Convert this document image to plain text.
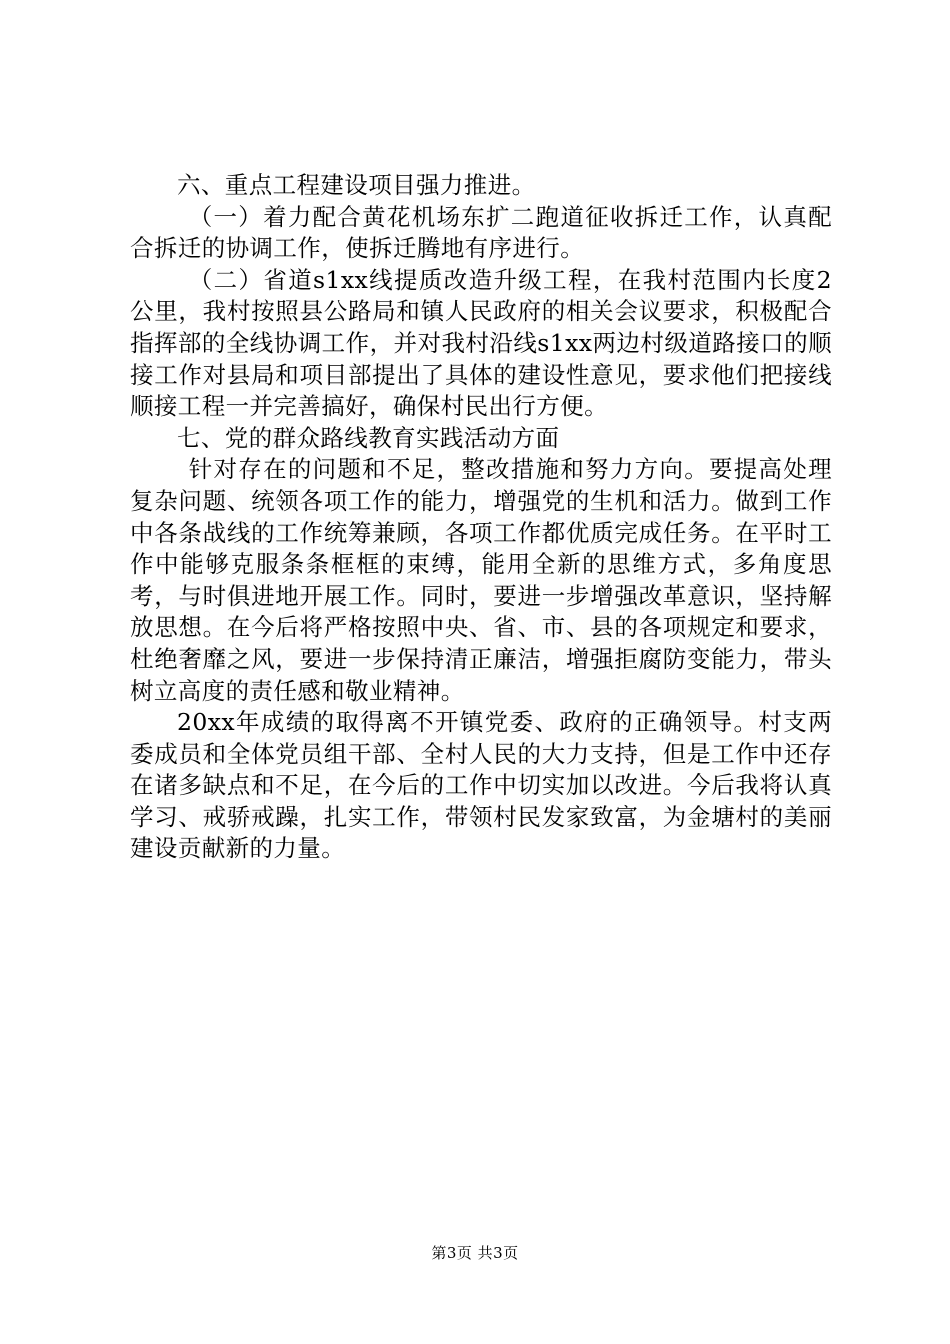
六、重点工程建设项目强力推进。

（一）着力配合黄花机场东扩二跑道征收拆迁工作，认真配合拆迁的协调工作，使拆迁腾地有序进行。

（二）省道s1xx线提质改造升级工程，在我村范围内长度2公里，我村按照县公路局和镇人民政府的相关会议要求，积极配合指挥部的全线协调工作，并对我村沿线s1xx两边村级道路接口的顺接工作对县局和项目部提出了具体的建设性意见，要求他们把接线顺接工程一并完善搞好，确保村民出行方便。

七、党的群众路线教育实践活动方面

针对存在的问题和不足，整改措施和努力方向。要提高处理复杂问题、统领各项工作的能力，增强党的生机和活力。做到工作中各条战线的工作统筹兼顾，各项工作都优质完成任务。在平时工作中能够克服条条框框的束缚，能用全新的思维方式，多角度思考，与时俱进地开展工作。同时，要进一步增强改革意识，坚持解放思想。在今后将严格按照中央、省、市、县的各项规定和要求，杜绝奢靡之风，要进一步保持清正廉洁，增强拒腐防变能力，带头树立高度的责任感和敬业精神。

20xx年成绩的取得离不开镇党委、政府的正确领导。村支两委成员和全体党员组干部、全村人民的大力支持，但是工作中还存在诸多缺点和不足，在今后的工作中切实加以改进。今后我将认真学习、戒骄戒躁，扎实工作，带领村民发家致富，为金塘村的美丽建设贡献新的力量。

第3页 共3页
